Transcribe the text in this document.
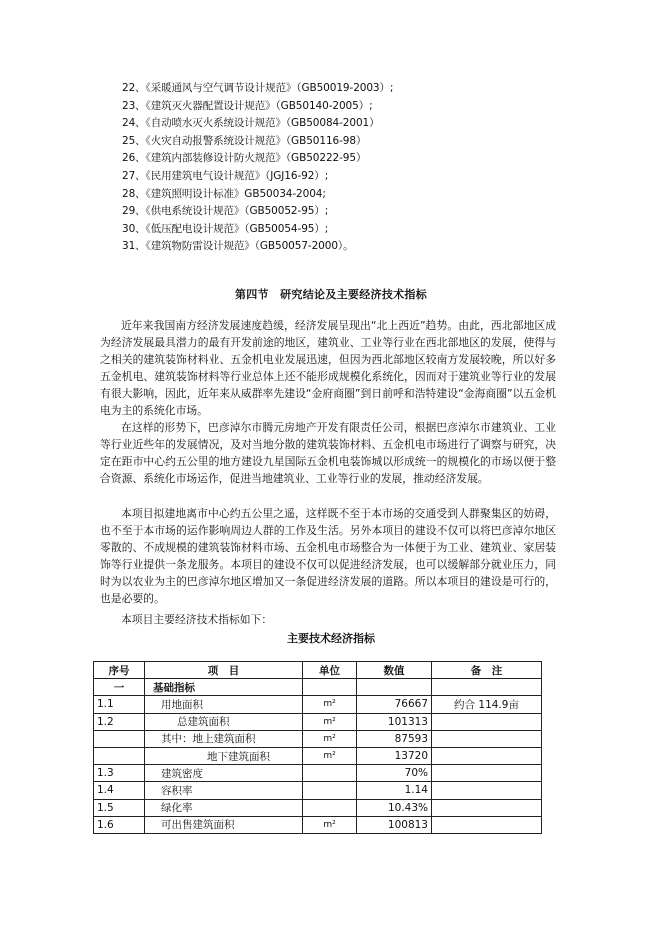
22、《采暖通风与空气调节设计规范》（GB50019-2003）;
23、《建筑灭火器配置设计规范》（GB50140-2005）;
24、《自动喷水灭火系统设计规范》（GB50084-2001）
25、《火灾自动报警系统设计规范》（GB50116-98）
26、《建筑内部装修设计防火规范》（GB50222-95）
27、《民用建筑电气设计规范》（JGJ16-92）;
28、《建筑照明设计标准》GB50034-2004;
29、《供电系统设计规范》（GB50052-95）;
30、《低压配电设计规范》（GB50054-95）;
31、《建筑物防雷设计规范》（GB50057-2000）。
第四节　研究结论及主要经济技术指标

近年来我国南方经济发展速度趋缓，经济发展呈现出“北上西近”趋势。由此，西北部地区成为经济发展最具潜力的最有开发前途的地区，建筑业、工业等行业在西北部地区的发展，使得与之相关的建筑装饰材料业、五金机电业发展迅速，但因为西北部地区较南方发展较晚，所以好多五金机电、建筑装饰材料等行业总体上还不能形成规模化系统化，因而对于建筑业等行业的发展有很大影响，因此，近年来从威群率先建设“金府商圈”到日前呼和浩特建设“金海商圈”以五金机电为主的系统化市场。

在这样的形势下，巴彦淖尔市腾元房地产开发有限责任公司，根据巴彦淖尔市建筑业、工业等行业近些年的发展情况，及对当地分散的建筑装饰材料、五金机电市场进行了调察与研究，决定在距市中心约五公里的地方建设九星国际五金机电装饰城以形成统一的规模化的市场以便于整合资源、系统化市场运作，促进当地建筑业、工业等行业的发展，推动经济发展。

本项目拟建地离市中心约五公里之遥，这样既不至于本市场的交通受到人群聚集区的妨碍，也不至于本市场的运作影响周边人群的工作及生活。另外本项目的建设不仅可以将巴彦淖尔地区零散的、不成规模的建筑装饰材料市场、五金机电市场整合为一体便于为工业、建筑业、家居装饰等行业提供一条龙服务。本项目的建设不仅可以促进经济发展，也可以缓解部分就业压力，同时为以农业为主的巴彦淖尔地区增加又一条促进经济发展的道路。所以本项目的建设是可行的，也是必要的。

本项目主要经济技术指标如下：
主要技术经济指标
序号	项　目	单位	数值	备　注
一	基础指标			
1.1	用地面积	m²	76667	约合 114.9亩
1.2	总建筑面积	m²	101313	
	其中：地上建筑面积	m²	87593	
	地下建筑面积	m²	13720	
1.3	建筑密度		70%	
1.4	容积率		1.14	
1.5	绿化率		10.43%	
1.6	可出售建筑面积	m²	100813	
